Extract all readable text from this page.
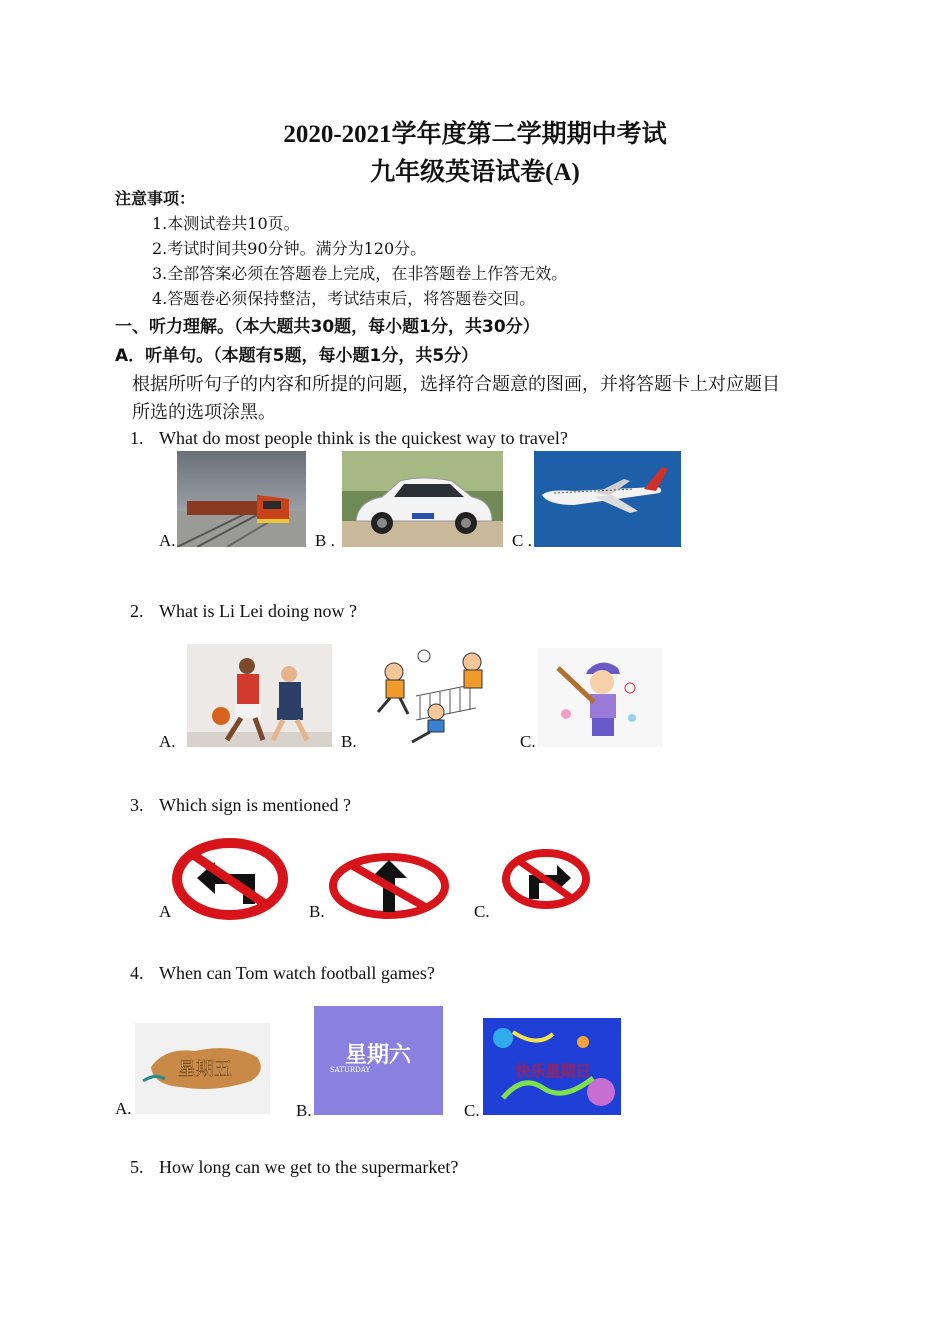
2020-2021学年度第二学期期中考试
九年级英语试卷(A)
注意事项：
1.本测试卷共10页。
2.考试时间共90分钟。满分为120分。
3.全部答案必须在答题卷上完成，在非答题卷上作答无效。
4.答题卷必须保持整洁，考试结束后，将答题卷交回。
一、听力理解。（本大题共30题，每小题1分，共30分）
A．听单句。（本题有5题，每小题1分，共5分）
根据所听句子的内容和所提的问题，选择符合题意的图画，并将答题卡上对应题目
所选的选项涂黑。
1. What do most people think is the quickest way to travel?
A.	B .	C .
2. What is Li Lei doing now ?
A.	B.	C.
3. Which sign is mentioned ?
A	B.	C.
4. When can Tom watch football games?
A.
星期五
B.
星期六
SATURDAY
C.
快乐星期日
5. How long can we get to the supermarket?
